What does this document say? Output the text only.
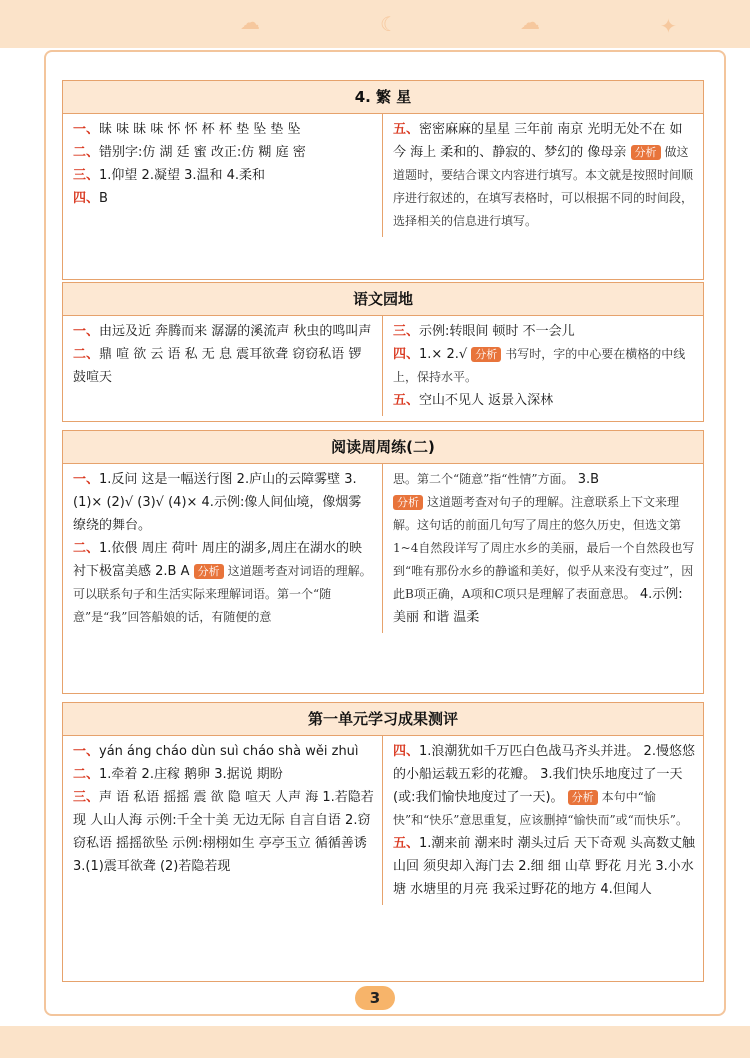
☁	☾	☁	✦
4. 繁 星

一、昧 味 昧 味 怀 怀 杯 杯 垫 坠 垫 坠

二、错别字:仿 湖 廷 蜜 改正:仿 糊 庭 密

三、1.仰望 2.凝望 3.温和 4.柔和

四、B

五、密密麻麻的星星 三年前 南京 光明无处不在 如今 海上 柔和的、静寂的、梦幻的 像母亲 分析 做这道题时，要结合课文内容进行填写。本文就是按照时间顺序进行叙述的，在填写表格时，可以根据不同的时间段，选择相关的信息进行填写。

语文园地

一、由远及近 奔腾而来 潺潺的溪流声 秋虫的鸣叫声

二、鼎 喧 欲 云 语 私 无 息 震耳欲聋 窃窃私语 锣鼓喧天

三、示例:转眼间 顿时 不一会儿

四、1.× 2.√ 分析 书写时，字的中心要在横格的中线上，保持水平。

五、空山不见人 返景入深林

阅读周周练(二)

一、1.反问 这是一幅送行图 2.庐山的云障雾壁 3.(1)× (2)√ (3)√ (4)× 4.示例:像人间仙境，像烟雾缭绕的舞台。

二、1.依偎 周庄 荷叶 周庄的湖多,周庄在湖水的映衬下极富美感 2.B A 分析 这道题考查对词语的理解。可以联系句子和生活实际来理解词语。第一个“随意”是“我”回答船娘的话，有随便的意

思。第二个“随意”指“性情”方面。 3.B

分析 这道题考查对句子的理解。注意联系上下文来理解。这句话的前面几句写了周庄的悠久历史，但选文第1~4自然段详写了周庄水乡的美丽，最后一个自然段也写到“唯有那份水乡的静谧和美好，似乎从来没有变过”，因此B项正确，A项和C项只是理解了表面意思。 4.示例:美丽 和谐 温柔

第一单元学习成果测评

一、yán áng cháo dùn suì cháo shà wěi zhuì

二、1.牵着 2.庄稼 鹅卵 3.据说 期盼

三、声 语 私语 摇摇 震 欲 隐 喧天 人声 海 1.若隐若现 人山人海 示例:千全十美 无边无际 自言自语 2.窃窃私语 摇摇欲坠 示例:栩栩如生 亭亭玉立 循循善诱 3.(1)震耳欲聋 (2)若隐若现

四、1.浪潮犹如千万匹白色战马齐头并进。 2.慢悠悠的小船运载五彩的花瓣。 3.我们快乐地度过了一天(或:我们愉快地度过了一天)。 分析 本句中“愉快”和“快乐”意思重复，应该删掉“愉快而”或“而快乐”。

五、1.潮来前 潮来时 潮头过后 天下奇观 头高数丈触山回 须臾却入海门去 2.细 细 山草 野花 月光 3.小水塘 水塘里的月亮 我采过野花的地方 4.但闻人

3
